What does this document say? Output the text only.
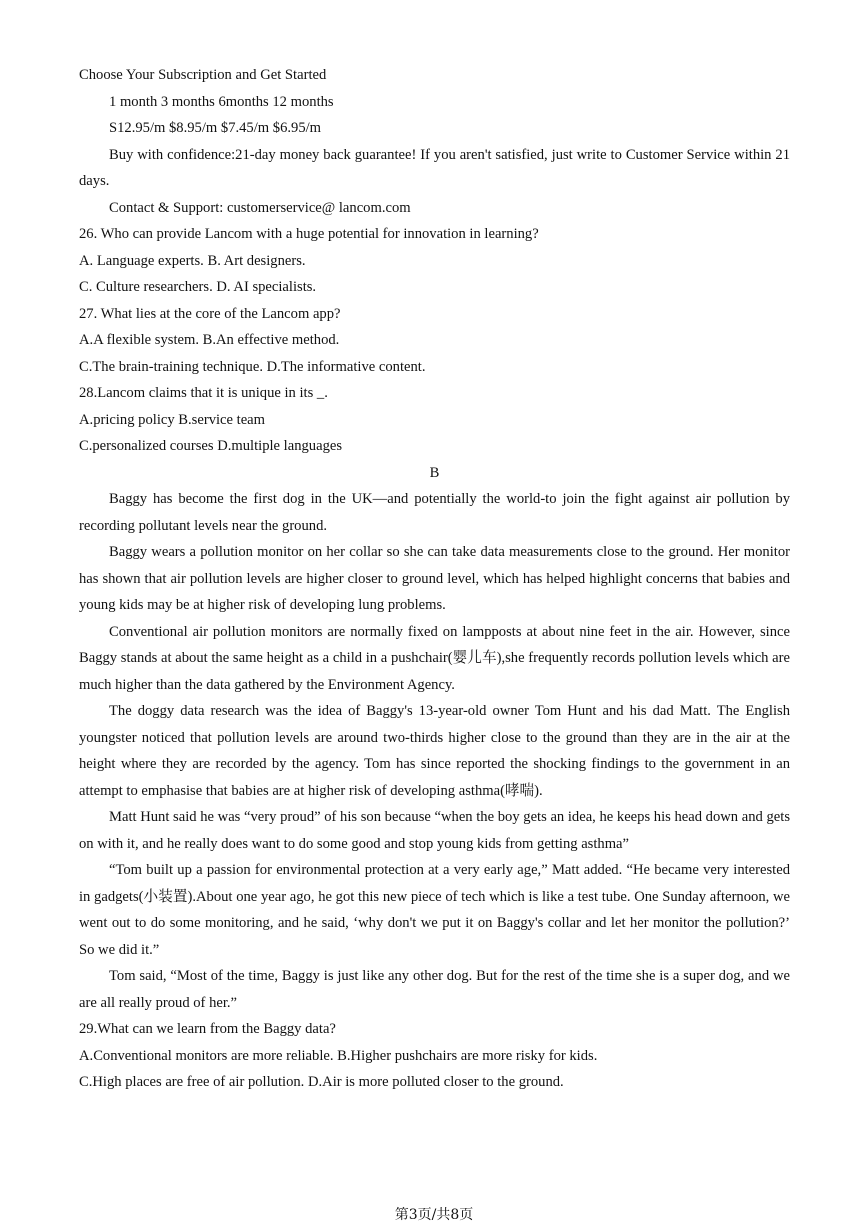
Choose Your Subscription and Get Started

1 month 3 months 6months 12 months

S12.95/m $8.95/m $7.45/m $6.95/m

Buy with confidence:21-day money back guarantee! If you aren't satisfied, just write to Customer Service within 21 days.

Contact & Support: customerservice@ lancom.com

26. Who can provide Lancom with a huge potential for innovation in learning?

A. Language experts. B. Art designers.

C. Culture researchers. D. AI specialists.

27. What lies at the core of the Lancom app?

A.A flexible system. B.An effective method.

C.The brain-training technique. D.The informative content.

28.Lancom claims that it is unique in its _.

A.pricing policy B.service team

C.personalized courses D.multiple languages

B

Baggy has become the first dog in the UK—and potentially the world-to join the fight against air pollution by recording pollutant levels near the ground.

Baggy wears a pollution monitor on her collar so she can take data measurements close to the ground. Her monitor has shown that air pollution levels are higher closer to ground level, which has helped highlight concerns that babies and young kids may be at higher risk of developing lung problems.

Conventional air pollution monitors are normally fixed on lampposts at about nine feet in the air. However, since Baggy stands at about the same height as a child in a pushchair(婴儿车),she frequently records pollution levels which are much higher than the data gathered by the Environment Agency.

The doggy data research was the idea of Baggy's 13-year-old owner Tom Hunt and his dad Matt. The English youngster noticed that pollution levels are around two-thirds higher close to the ground than they are in the air at the height where they are recorded by the agency. Tom has since reported the shocking findings to the government in an attempt to emphasise that babies are at higher risk of developing asthma(哮喘).

Matt Hunt said he was “very proud” of his son because “when the boy gets an idea, he keeps his head down and gets on with it, and he really does want to do some good and stop young kids from getting asthma”

“Tom built up a passion for environmental protection at a very early age,” Matt added. “He became very interested in gadgets(小装置).About one year ago, he got this new piece of tech which is like a test tube. One Sunday afternoon, we went out to do some monitoring, and he said, ‘why don't we put it on Baggy's collar and let her monitor the pollution?’ So we did it.”

Tom said, “Most of the time, Baggy is just like any other dog. But for the rest of the time she is a super dog, and we are all really proud of her.”

29.What can we learn from the Baggy data?

A.Conventional monitors are more reliable. B.Higher pushchairs are more risky for kids.

C.High places are free of air pollution. D.Air is more polluted closer to the ground.

第3页/共8页
